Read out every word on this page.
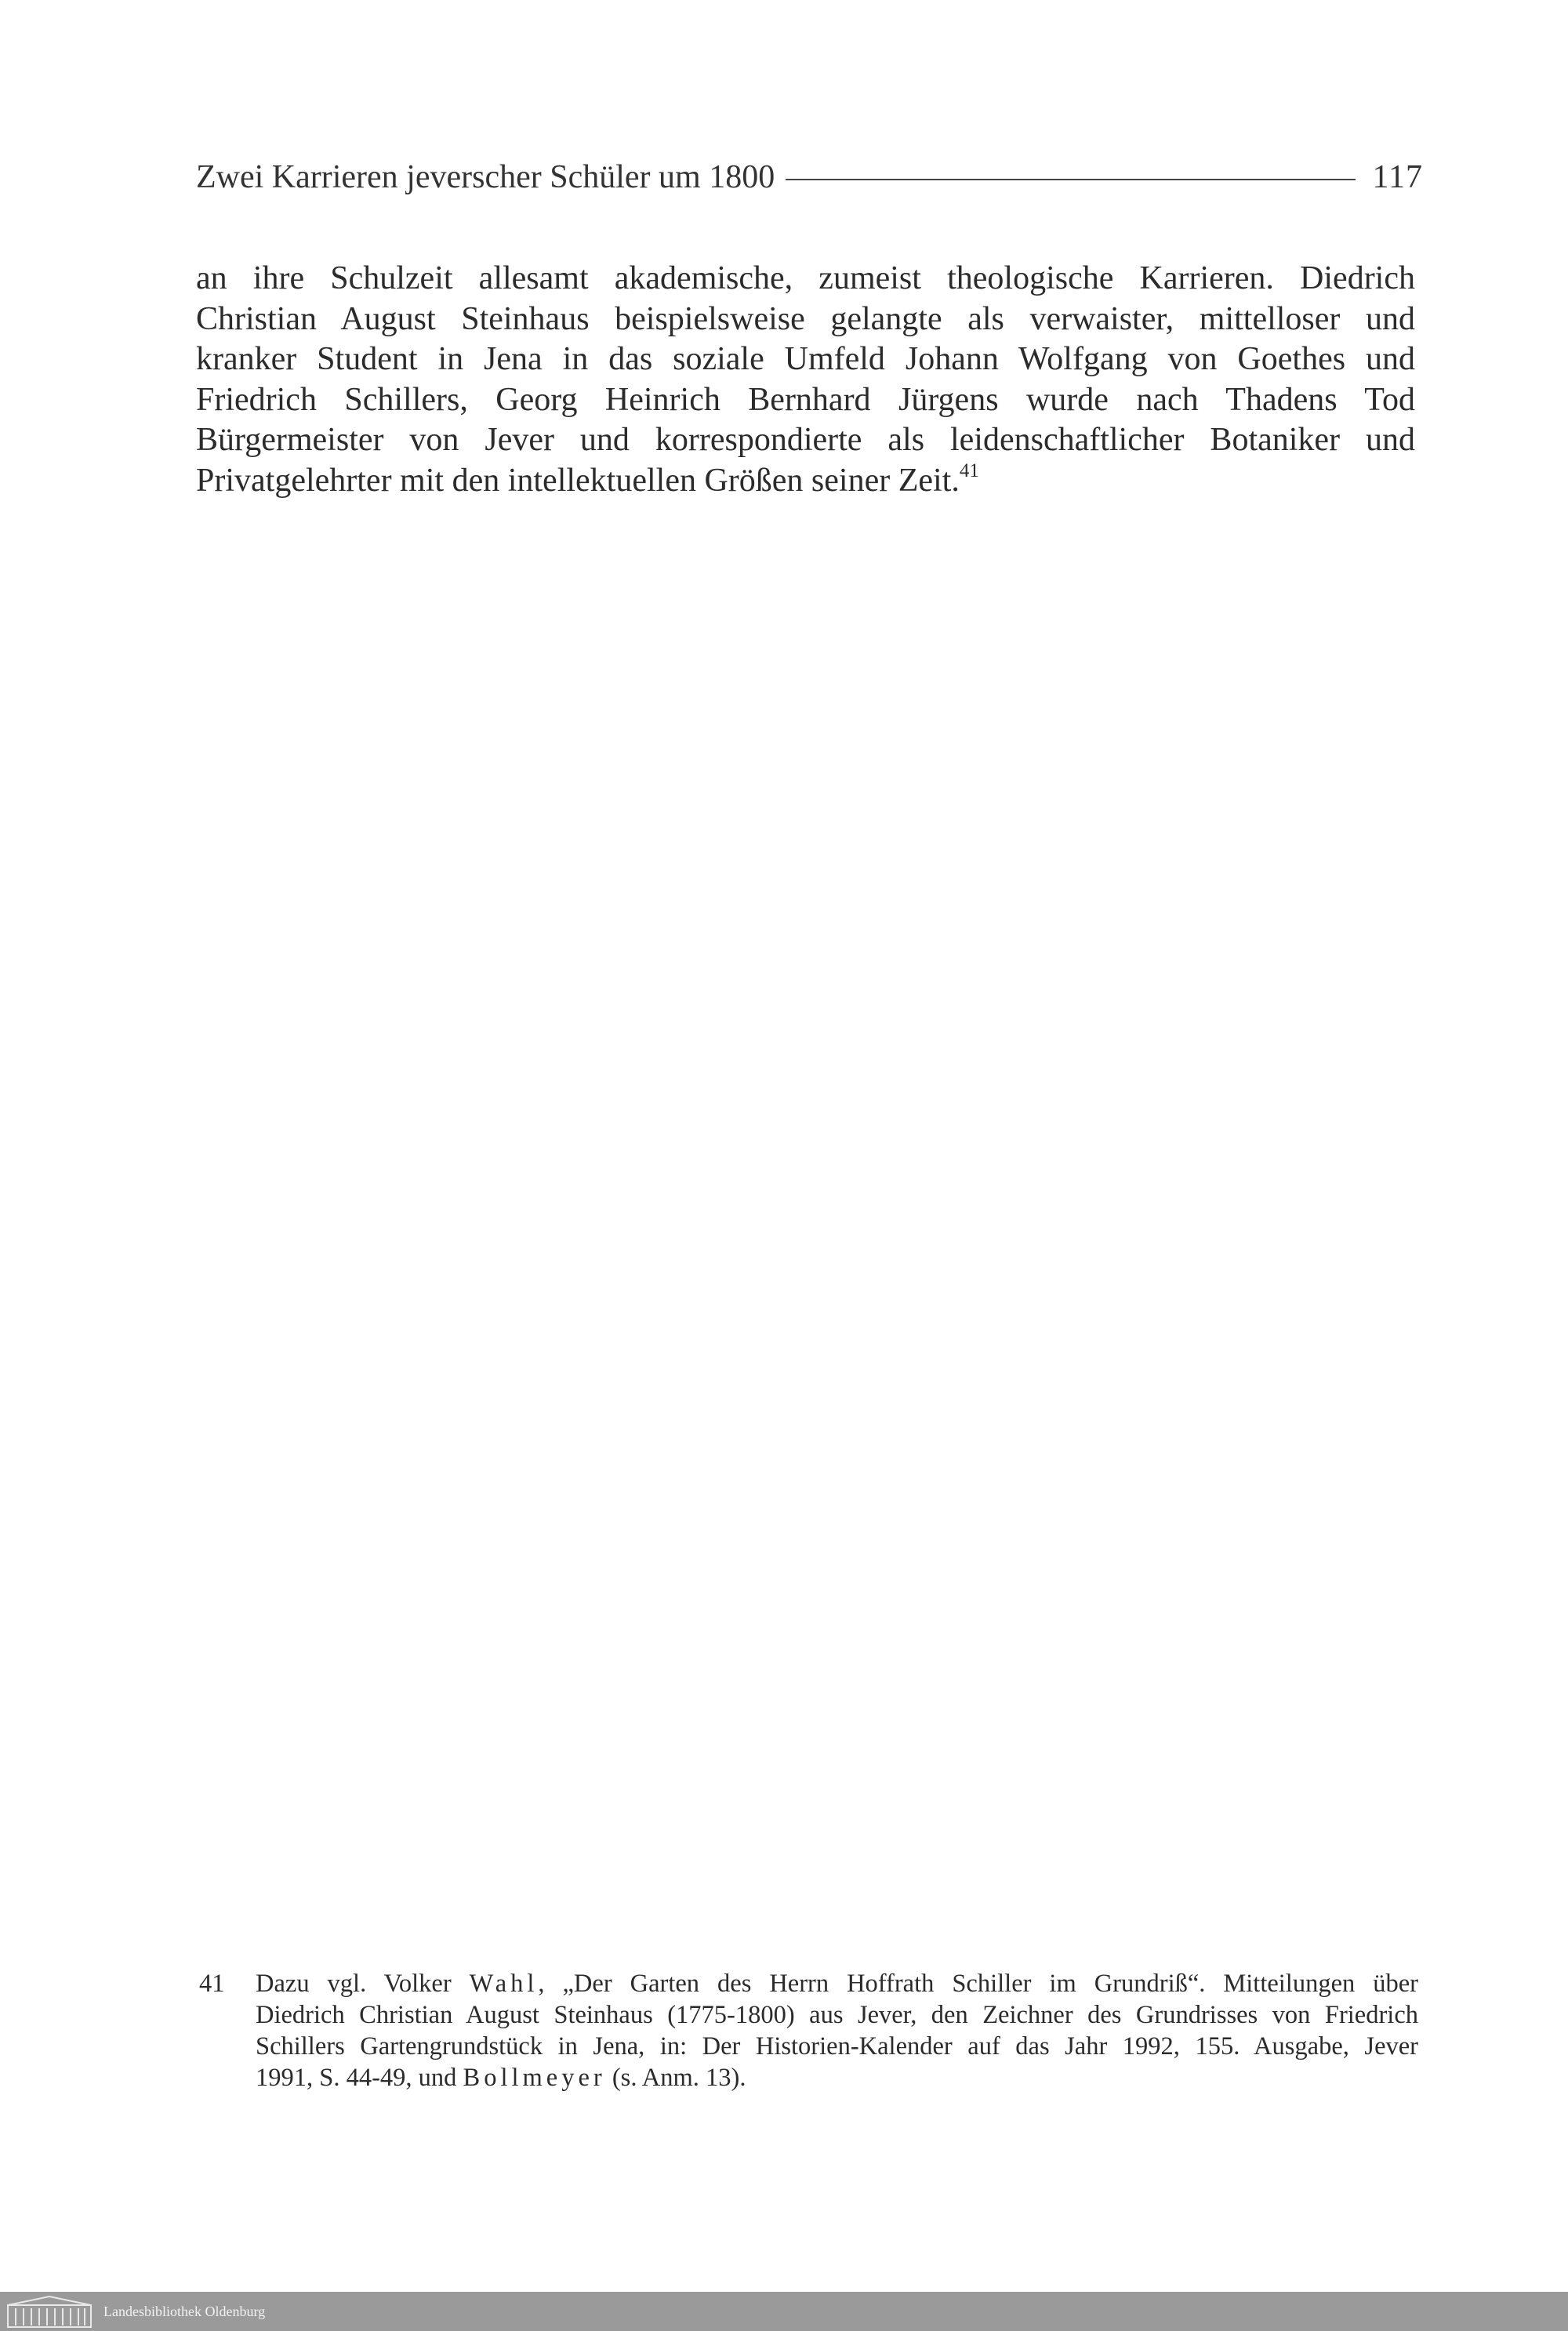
Zwei Karrieren jeverscher Schüler um 1800	117
an ihre Schulzeit allesamt akademische, zumeist theologische Karrieren. Diedrich
Christian August Steinhaus beispielsweise gelangte als verwaister, mittelloser und
kranker Student in Jena in das soziale Umfeld Johann Wolfgang von Goethes und
Friedrich Schillers, Georg Heinrich Bernhard Jürgens wurde nach Thadens Tod
Bürgermeister von Jever und korrespondierte als leidenschaftlicher Botaniker und
Privatgelehrter mit den intellektuellen Größen seiner Zeit.$^{41}$
41 Dazu vgl. Volker Wahl, „Der Garten des Herrn Hoffrath Schiller im Grundriß“. Mitteilungen über
Diedrich Christian August Steinhaus (1775-1800) aus Jever, den Zeichner des Grundrisses von Friedrich
Schillers Gartengrundstück in Jena, in: Der Historien-Kalender auf das Jahr 1992, 155. Ausgabe, Jever
1991, S. 44-49, und Bollmeyer (s. Anm. 13).
Landesbibliothek Oldenburg
